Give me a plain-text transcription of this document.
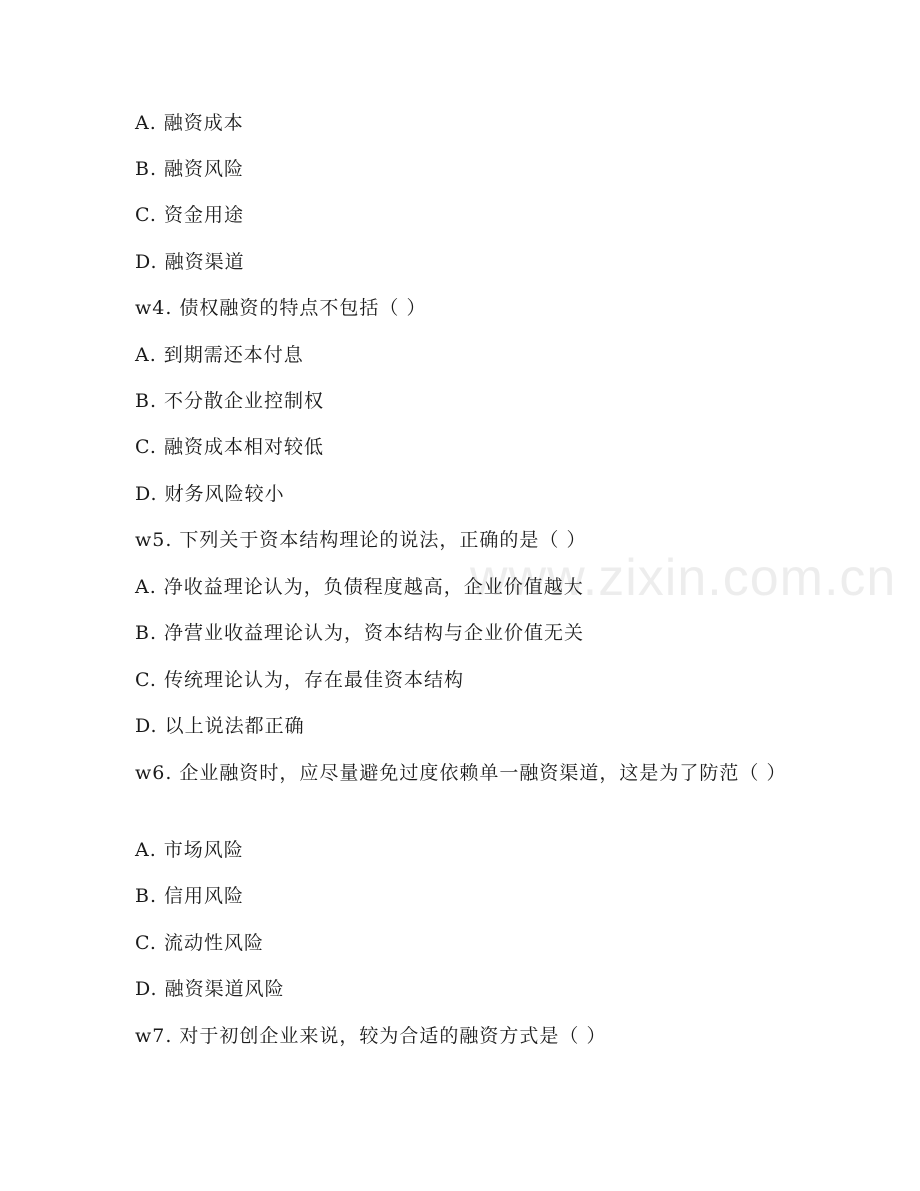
A. 融资成本
B. 融资风险
C. 资金用途
D. 融资渠道
w4. 债权融资的特点不包括（ ）
A. 到期需还本付息
B. 不分散企业控制权
C. 融资成本相对较低
D. 财务风险较小
w5. 下列关于资本结构理论的说法，正确的是（ ）
A. 净收益理论认为，负债程度越高，企业价值越大
B. 净营业收益理论认为，资本结构与企业价值无关
C. 传统理论认为，存在最佳资本结构
D. 以上说法都正确
w6. 企业融资时，应尽量避免过度依赖单一融资渠道，这是为了防范（ ）
A. 市场风险
B. 信用风险
C. 流动性风险
D. 融资渠道风险
w7. 对于初创企业来说，较为合适的融资方式是（ ）
www.zixin.com.cn
